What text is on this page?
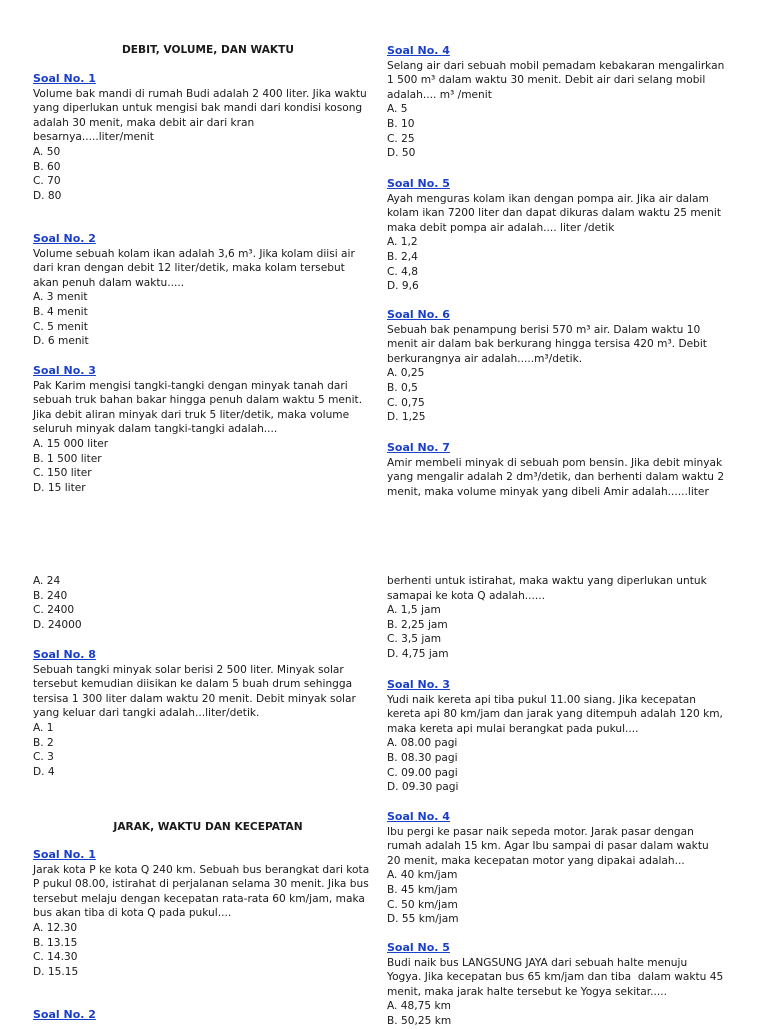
DEBIT, VOLUME, DAN WAKTU
JARAK, WAKTU DAN KECEPATAN
Soal No. 1

Volume bak mandi di rumah Budi adalah 2 400 liter. Jika waktu
yang diperlukan untuk mengisi bak mandi dari kondisi kosong
adalah 30 menit, maka debit air dari kran
besarnya.....liter/menit

A. 50
B. 60
C. 70
D. 80
Soal No. 2

Volume sebuah kolam ikan adalah 3,6 m³. Jika kolam diisi air
dari kran dengan debit 12 liter/detik, maka kolam tersebut
akan penuh dalam waktu.....

A. 3 menit
B. 4 menit
C. 5 menit
D. 6 menit
Soal No. 3

Pak Karim mengisi tangki-tangki dengan minyak tanah dari
sebuah truk bahan bakar hingga penuh dalam waktu 5 menit.
Jika debit aliran minyak dari truk 5 liter/detik, maka volume
seluruh minyak dalam tangki-tangki adalah....

A. 15 000 liter
B. 1 500 liter
C. 150 liter
D. 15 liter
Soal No. 4

Selang air dari sebuah mobil pemadam kebakaran mengalirkan
1 500 m³ dalam waktu 30 menit. Debit air dari selang mobil
adalah.... m³ /menit

A. 5
B. 10
C. 25
D. 50
Soal No. 5

Ayah menguras kolam ikan dengan pompa air. Jika air dalam
kolam ikan 7200 liter dan dapat dikuras dalam waktu 25 menit
maka debit pompa air adalah.... liter /detik

A. 1,2
B. 2,4
C. 4,8
D. 9,6
Soal No. 6

Sebuah bak penampung berisi 570 m³ air. Dalam waktu 10
menit air dalam bak berkurang hingga tersisa 420 m³. Debit
berkurangnya air adalah.....m³/detik.

A. 0,25
B. 0,5
C. 0,75
D. 1,25
Soal No. 7

Amir membeli minyak di sebuah pom bensin. Jika debit minyak
yang mengalir adalah 2 dm³/detik, dan berhenti dalam waktu 2
menit, maka volume minyak yang dibeli Amir adalah......liter

A. 24
B. 240
C. 2400
D. 24000
Soal No. 8

Sebuah tangki minyak solar berisi 2 500 liter. Minyak solar
tersebut kemudian diisikan ke dalam 5 buah drum sehingga
tersisa 1 300 liter dalam waktu 20 menit. Debit minyak solar
yang keluar dari tangki adalah...liter/detik.

A. 1
B. 2
C. 3
D. 4
Soal No. 1

Jarak kota P ke kota Q 240 km. Sebuah bus berangkat dari kota
P pukul 08.00, istirahat di perjalanan selama 30 menit. Jika bus
tersebut melaju dengan kecepatan rata-rata 60 km/jam, maka
bus akan tiba di kota Q pada pukul....

A. 12.30
B. 13.15
C. 14.30
D. 15.15
Soal No. 2

berhenti untuk istirahat, maka waktu yang diperlukan untuk
samapai ke kota Q adalah......

A. 1,5 jam
B. 2,25 jam
C. 3,5 jam
D. 4,75 jam
Soal No. 3

Yudi naik kereta api tiba pukul 11.00 siang. Jika kecepatan
kereta api 80 km/jam dan jarak yang ditempuh adalah 120 km,
maka kereta api mulai berangkat pada pukul....

A. 08.00 pagi
B. 08.30 pagi
C. 09.00 pagi
D. 09.30 pagi
Soal No. 4

Ibu pergi ke pasar naik sepeda motor. Jarak pasar dengan
rumah adalah 15 km. Agar Ibu sampai di pasar dalam waktu
20 menit, maka kecepatan motor yang dipakai adalah...

A. 40 km/jam
B. 45 km/jam
C. 50 km/jam
D. 55 km/jam
Soal No. 5

Budi naik bus LANGSUNG JAYA dari sebuah halte menuju
Yogya. Jika kecepatan bus 65 km/jam dan tiba  dalam waktu 45
menit, maka jarak halte tersebut ke Yogya sekitar.....

A. 48,75 km
B. 50,25 km
